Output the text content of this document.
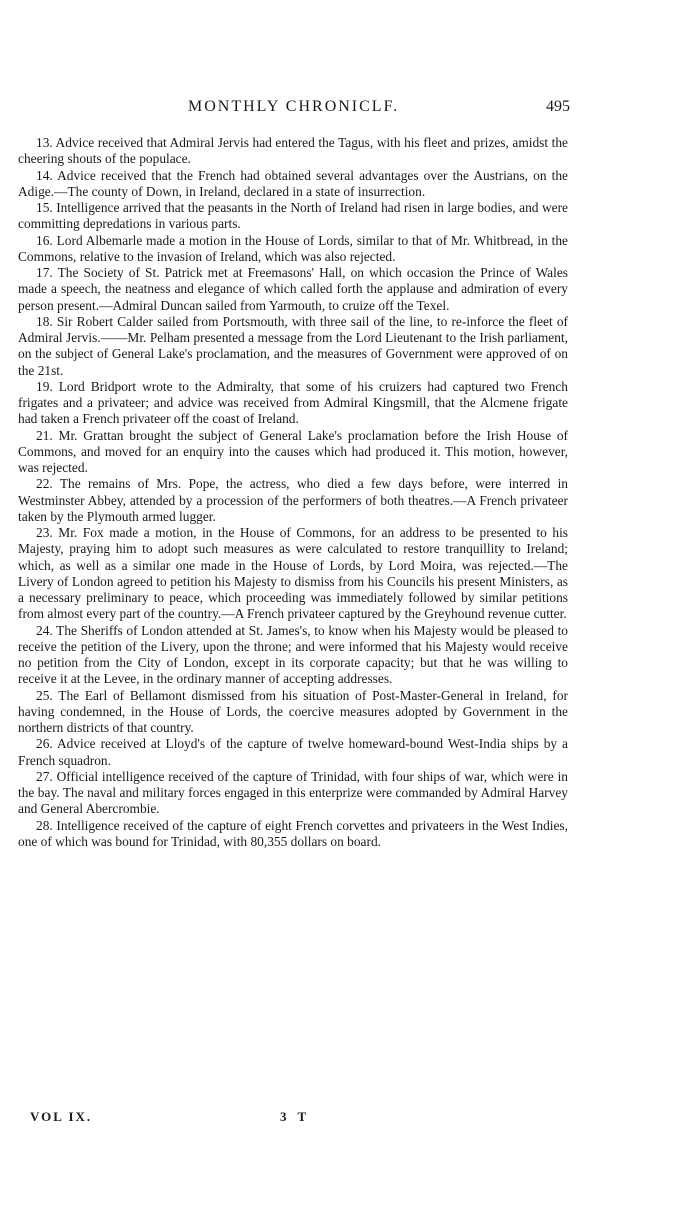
MONTHLY CHRONICLF.	495

13. Advice received that Admiral Jervis had entered the Tagus, with his fleet and prizes, amidst the cheering shouts of the populace.

14. Advice received that the French had obtained several advantages over the Austrians, on the Adige.—The county of Down, in Ireland, declared in a state of insurrection.

15. Intelligence arrived that the peasants in the North of Ireland had risen in large bodies, and were committing depredations in various parts.

16. Lord Albemarle made a motion in the House of Lords, similar to that of Mr. Whitbread, in the Commons, relative to the invasion of Ireland, which was also rejected.

17. The Society of St. Patrick met at Freemasons' Hall, on which occasion the Prince of Wales made a speech, the neatness and elegance of which called forth the applause and admiration of every person present.—Admiral Duncan sailed from Yarmouth, to cruize off the Texel.

18. Sir Robert Calder sailed from Portsmouth, with three sail of the line, to re-inforce the fleet of Admiral Jervis.——Mr. Pelham presented a message from the Lord Lieutenant to the Irish parliament, on the subject of General Lake's proclamation, and the measures of Government were approved of on the 21st.

19. Lord Bridport wrote to the Admiralty, that some of his cruizers had captured two French frigates and a privateer; and advice was received from Admiral Kingsmill, that the Alcmene frigate had taken a French privateer off the coast of Ireland.

21. Mr. Grattan brought the subject of General Lake's proclamation before the Irish House of Commons, and moved for an enquiry into the causes which had produced it. This motion, however, was rejected.

22. The remains of Mrs. Pope, the actress, who died a few days before, were interred in Westminster Abbey, attended by a procession of the performers of both theatres.—A French privateer taken by the Plymouth armed lugger.

23. Mr. Fox made a motion, in the House of Commons, for an address to be presented to his Majesty, praying him to adopt such measures as were calculated to restore tranquillity to Ireland; which, as well as a similar one made in the House of Lords, by Lord Moira, was rejected.—The Livery of London agreed to petition his Majesty to dismiss from his Councils his present Ministers, as a necessary preliminary to peace, which proceeding was immediately followed by similar petitions from almost every part of the country.—A French privateer captured by the Greyhound revenue cutter.

24. The Sheriffs of London attended at St. James's, to know when his Majesty would be pleased to receive the petition of the Livery, upon the throne; and were informed that his Majesty would receive no petition from the City of London, except in its corporate capacity; but that he was willing to receive it at the Levee, in the ordinary manner of accepting addresses.

25. The Earl of Bellamont dismissed from his situation of Post-Master-General in Ireland, for having condemned, in the House of Lords, the coercive measures adopted by Government in the northern districts of that country.

26. Advice received at Lloyd's of the capture of twelve homeward-bound West-India ships by a French squadron.

27. Official intelligence received of the capture of Trinidad, with four ships of war, which were in the bay. The naval and military forces engaged in this enterprize were commanded by Admiral Harvey and General Abercrombie.

28. Intelligence received of the capture of eight French corvettes and privateers in the West Indies, one of which was bound for Trinidad, with 80,355 dollars on board.

VOL IX.	3 T
